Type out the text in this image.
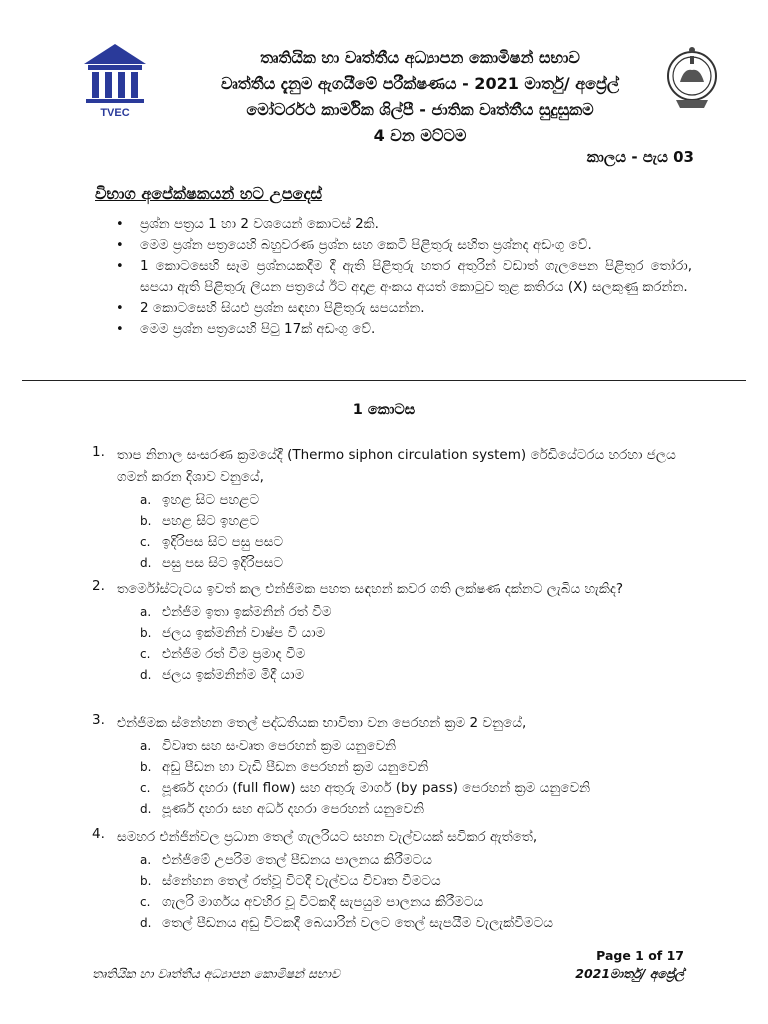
TVEC
තෘතියික හා වෘත්තීය අධ්‍යාපන කොමිෂන් සභාව
වෘත්තීය දැනුම ඇගයීමේ පරීක්ෂණය - 2021 මාර්තු/ අප්‍රේල්
මෝටර්රථ කාර්මික ශිල්පී - ජාතික වෘත්තීය සුදුසුකම
4 වන මට්ටම
කාලය - පැය 03
විභාග අපේක්ෂකයන් හට උපදෙස්
• ප්‍රශ්න පත්‍රය 1 හා 2 වශයෙන් කොටස් 2කි.
• මෙම ප්‍රශ්න පත්‍රයෙහි බහුවරණ ප්‍රශ්න සහ කෙටි පිළිතුරු සහිත ප්‍රශ්නද අඩංගු වේ.
• 1 කොටසෙහි සෑම ප්‍රශ්නයකදීම දී ඇති පිළිතුරු හතර අතුරින් වඩාත් ගැලපෙන පිළිතුර තෝරා, සපයා ඇති පිළිතුරු ලියන පත්‍රයේ ඊට අදාළ අංකය අයත් කොටුව තුළ කතිරය (X) සලකුණු කරන්න.
• 2 කොටසෙහි සියළු ප්‍රශ්න සඳහා පිළිතුරු සපයන්න.
• මෙම ප්‍රශ්න පත්‍රයෙහි පිටු 17ක් අඩංගු වේ.
1 කොටස
1. තාප නිනාල සංසරණ ක්‍රමයේදී (Thermo siphon circulation system) රේඩියේටරය හරහා ජලය ගමන් කරන දිශාව වනුයේ,
a. ඉහළ සිට පහළට
b. පහළ සිට ඉහළට
c. ඉදිරිපස සිට පසු පසට
d. පසු පස සිට ඉදිරිපසට
2. තර්මෝස්ටැටය ඉවත් කල එන්ජිමක පහත සඳහන් කවර ගති ලක්ෂණ දක්නට ලැබිය හැකිද?
a. එන්ජිම ඉතා ඉක්මනින් රත් වීම
b. ජලය ඉක්මනින් වාෂ්ප වී යාම
c. එන්ජිම රත් වීම ප්‍රමාද වීම
d. ජලය ඉක්මනින්ම මිදී යාම
3. එන්ජිමක ස්නේහන තෙල් පද්ධතියක භාවිතා වන පෙරහන් ක්‍රම 2 වනුයේ,
a. විවෘත සහ සංවෘත පෙරහන් ක්‍රම යනුවෙනි
b. අඩු පීඩන හා වැඩි පීඩන පෙරහන් ක්‍රම යනුවෙනි
c. පූර්ණ දහරා (full flow) සහ අතුරු මාර්ග (by pass) පෙරහන් ක්‍රම යනුවෙනි
d. පූර්ණ දහරා සහ අර්ධ දහරා පෙරහන් යනුවෙනි
4. සමහර එන්ජින්වල ප්‍රධාන තෙල් ගැලරියට සහන වැල්වයක් සවිකර ඇත්තේ,
a. එන්ජිමේ උපරිම තෙල් පීඩනය පාලනය කිරීමටය
b. ස්නේහන තෙල් රත්වූ විටදී වැල්වය විවෘත වීමටය
c. ගැලරි මාර්ගය අවහිර වූ විටකදී සැපයුම පාලනය කිරීමටය
d. තෙල් පීඩනය අඩු විටකදී බෙයාරින් වලට තෙල් සැපයීම වැලැක්වීමටය
Page 1 of 17
තෘතියික හා වෘත්තීය අධ්‍යාපන කොමිෂන් සභාව	2021මාර්තු/ අප්‍රේල්
